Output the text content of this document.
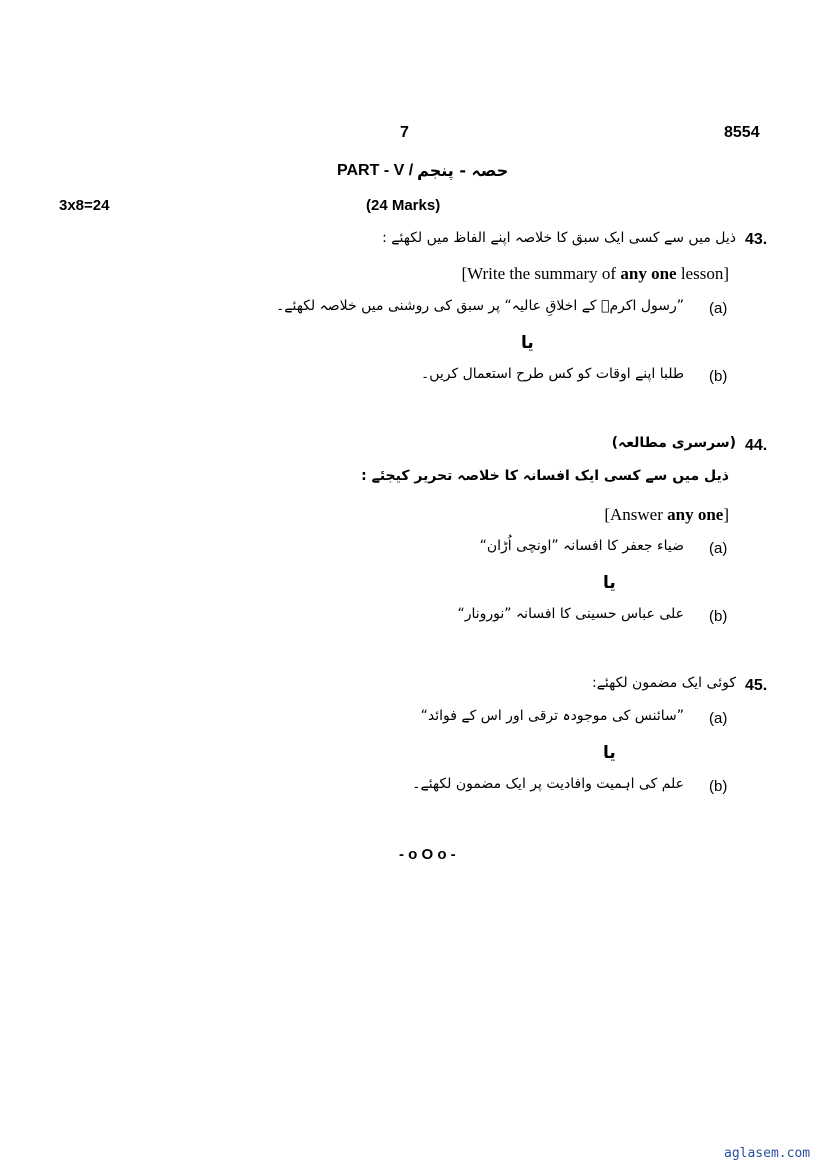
7	8554
PART - V / حصہ - پنجم
3x8=24	(24 Marks)
43.
ذیل میں سے کسی ایک سبق کا خلاصہ اپنے الفاظ میں لکھئے :
[Write the summary of any one lesson]
(a)
”رسول اکرمؐ کے اخلاقِ عالیہ“ پر سبق کی روشنی میں خلاصہ لکھئے۔
یا
(b)
طلبا اپنے اوقات کو کس طرح استعمال کریں۔
44.
(سرسری مطالعہ)
ذیل میں سے کسی ایک افسانہ کا خلاصہ تحریر کیجئے :
[Answer any one]
(a)
ضیاء جعفر کا افسانہ ”اونچی اُڑان“
یا
(b)
علی عباس حسینی کا افسانہ ”نورونار“
45.
کوئی ایک مضمون لکھئے:
(a)
”سائنس کی موجودہ ترقی اور اس کے فوائد“
یا
(b)
علم کی اہمیت وافادیت پر ایک مضمون لکھئے۔
- o O o -
aglasem.com
